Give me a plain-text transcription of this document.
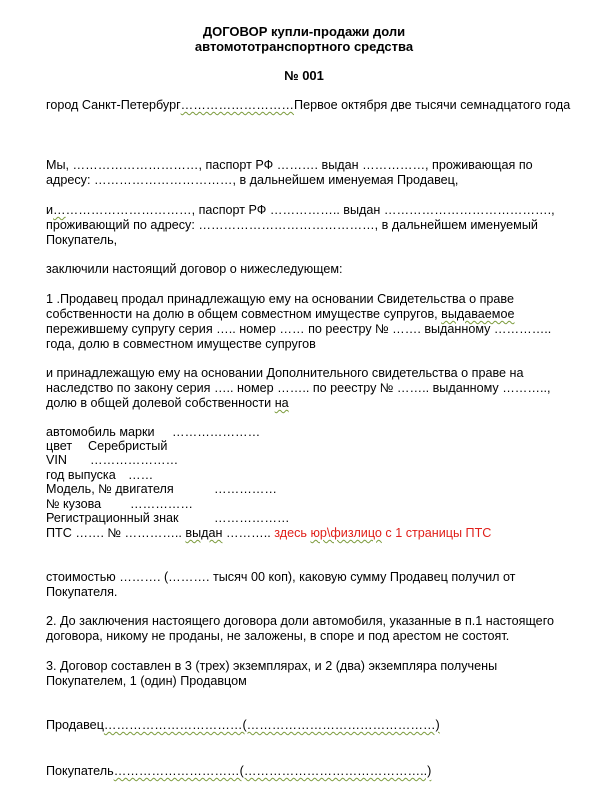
ДОГОВОР купли-продажи доли
автомототранспортного средства
№ 001
город Санкт-Петербург………………………Первое октября две тысячи семнадцатого года
Мы, …………………………, паспорт РФ ………. выдан ……………, проживающая по
адресу: ……………………………, в дальнейшем именуемая Продавец,
и……………………………, паспорт РФ …………….. выдан ………………………………….,
проживающий по адресу: ……………………………………, в дальнейшем именуемый
Покупатель,
заключили настоящий договор о нижеследующем:
1 .Продавец продал принадлежащую ему на основании Свидетельства о праве
собственности на долю в общем совместном имуществе супругов, выдаваемое
пережившему супругу серия ….. номер …… по реестру № ……. выданному …………..
года, долю в совместном имуществе супругов
и принадлежащую ему на основании Дополнительного свидетельства о праве на
наследство по закону серия ….. номер …….. по реестру № …….. выданному ………..,
долю в общей долевой собственности на
автомобиль марки …………………
цвет Серебристый
VIN …………………
год выпуска ……
Модель, № двигателя	……………
№ кузова ……………
Регистрационный знак	………………
ПТС ……. № ………….. выдан ……….. здесь юр\физлицо с 1 страницы ПТС
стоимостью ………. (………. тысяч 00 коп), каковую сумму Продавец получил от
Покупателя.
2. До заключения настоящего договора доли автомобиля, указанные в п.1 настоящего
договора, никому не проданы, не заложены, в споре и под арестом не состоят.
3. Договор составлен в 3 (трех) экземплярах, и 2 (два) экземпляра получены
Покупателем, 1 (один) Продавцом
Продавец……………………………(………………………………………)
Покупатель…………………………(……………………………………..)
